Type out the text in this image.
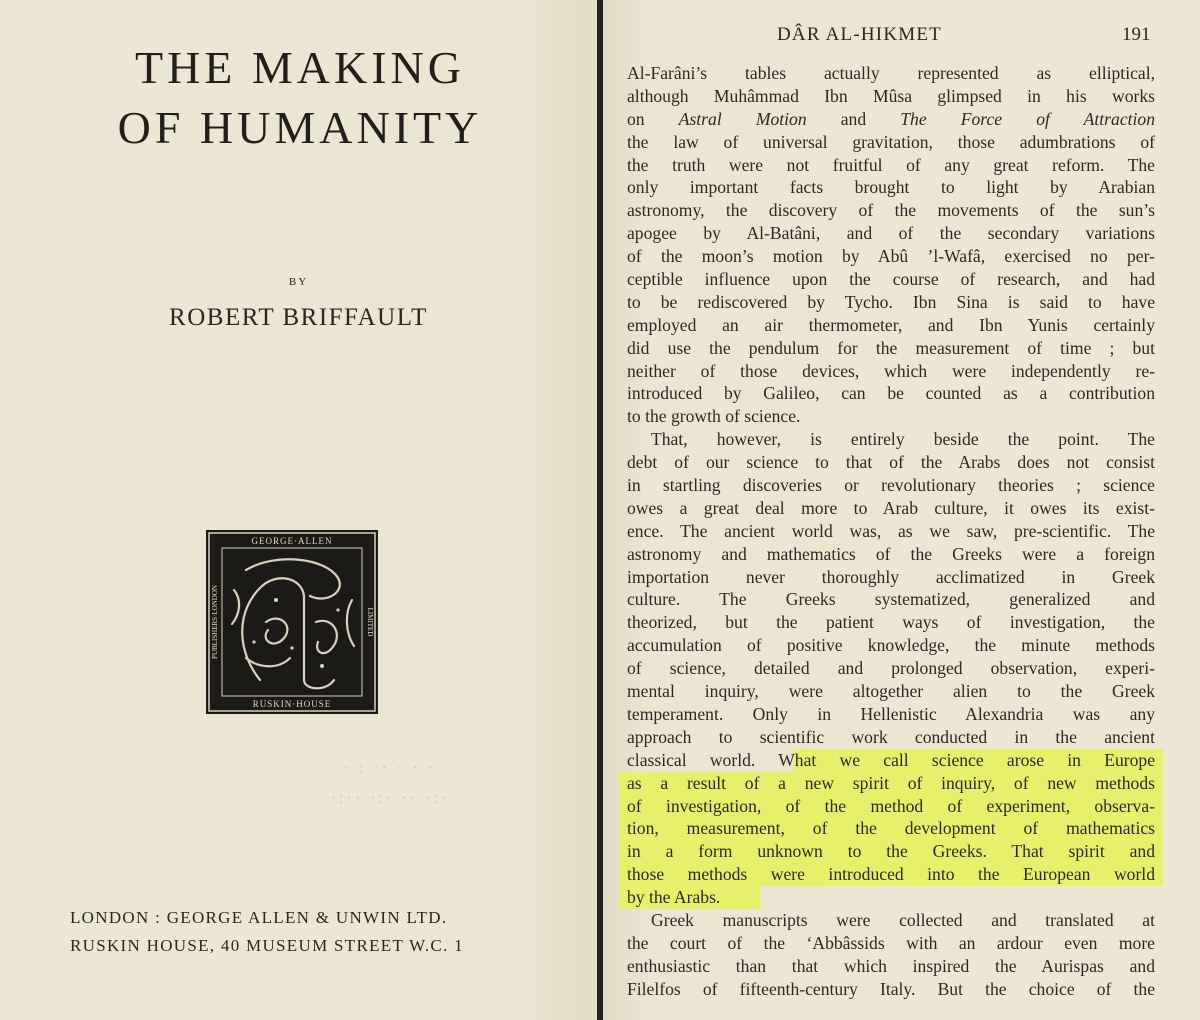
THE MAKING
OF HUMANITY
BY
ROBERT BRIFFAULT
GEORGE·ALLEN
RUSKIN·HOUSE
PUBLISHERS·LONDON	LIMITED
· : ·· · · ·
·:·· ·:· ·· ·:·
LONDON : GEORGE ALLEN & UNWIN LTD.
RUSKIN HOUSE, 40 MUSEUM STREET W.C. 1
DÂR AL-HIKMET	191
Al-Farâni’s tables actually represented as elliptical,
although Muhâmmad Ibn Mûsa glimpsed in his works
on Astral Motion and The Force of Attraction
the law of universal gravitation, those adumbrations of
the truth were not fruitful of any great reform. The
only important facts brought to light by Arabian
astronomy, the discovery of the movements of the sun’s
apogee by Al-Batâni, and of the secondary variations
of the moon’s motion by Abû ’l-Wafâ, exercised no per-
ceptible influence upon the course of research, and had
to be rediscovered by Tycho. Ibn Sina is said to have
employed an air thermometer, and Ibn Yunis certainly
did use the pendulum for the measurement of time ; but
neither of those devices, which were independently re-
introduced by Galileo, can be counted as a contribution
to the growth of science.
That, however, is entirely beside the point. The
debt of our science to that of the Arabs does not consist
in startling discoveries or revolutionary theories ; science
owes a great deal more to Arab culture, it owes its exist-
ence. The ancient world was, as we saw, pre-scientific. The
astronomy and mathematics of the Greeks were a foreign
importation never thoroughly acclimatized in Greek
culture. The Greeks systematized, generalized and
theorized, but the patient ways of investigation, the
accumulation of positive knowledge, the minute methods
of science, detailed and prolonged observation, experi-
mental inquiry, were altogether alien to the Greek
temperament. Only in Hellenistic Alexandria was any
approach to scientific work conducted in the ancient
classical world. What we call science arose in Europe
as a result of a new spirit of inquiry, of new methods
of investigation, of the method of experiment, observa-
tion, measurement, of the development of mathematics
in a form unknown to the Greeks. That spirit and
those methods were introduced into the European world
by the Arabs.
Greek manuscripts were collected and translated at
the court of the ‘Abbâssids with an ardour even more
enthusiastic than that which inspired the Aurispas and
Filelfos of fifteenth-century Italy. But the choice of the
